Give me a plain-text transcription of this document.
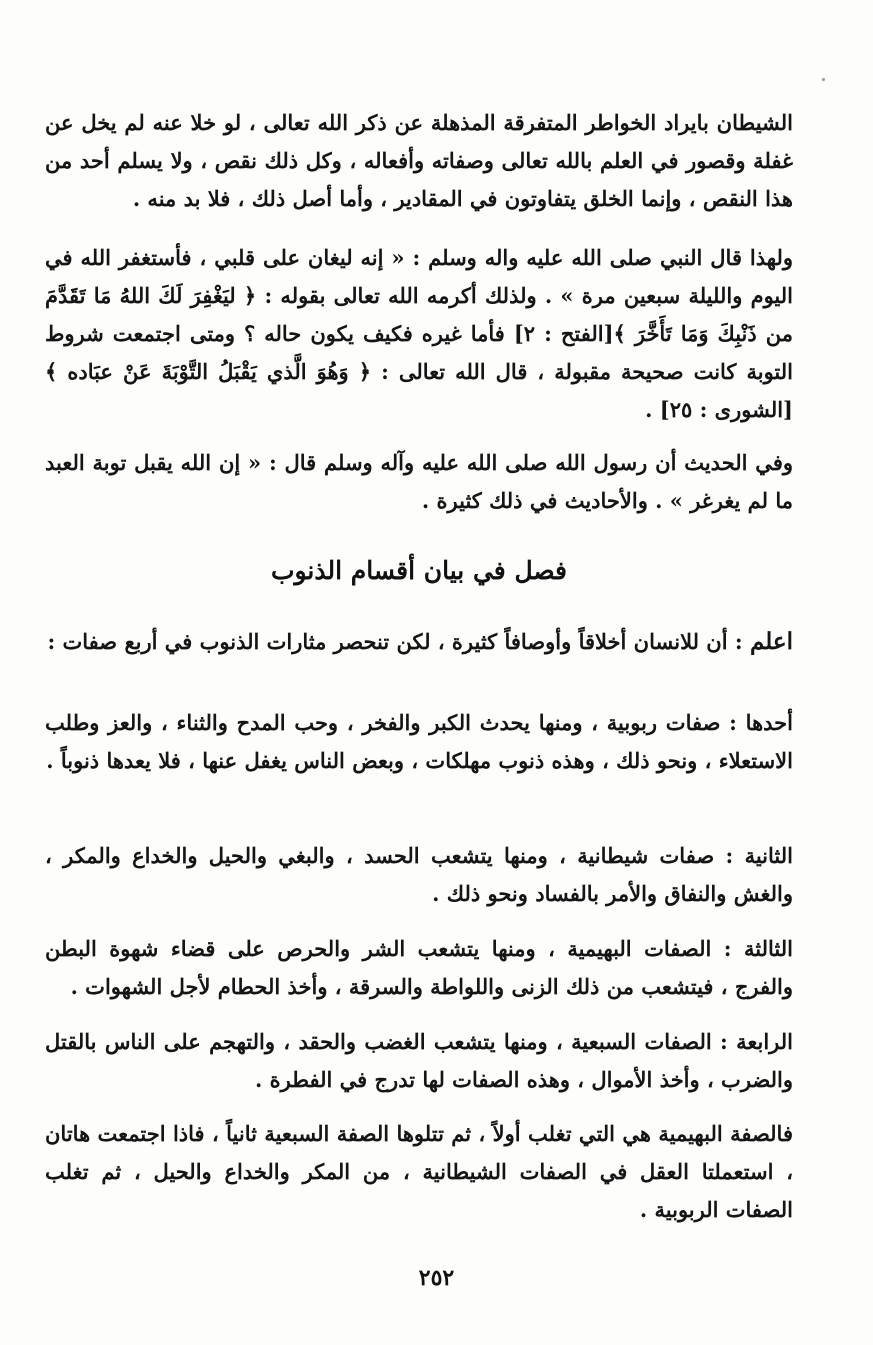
الشيطان بايراد الخواطر المتفرقة المذهلة عن ذكر الله تعالى ، لو خلا عنه لم يخل عن غفلة وقصور في العلم بالله تعالى وصفاته وأفعاله ، وكل ذلك نقص ، ولا يسلم أحد من هذا النقص ، وإنما الخلق يتفاوتون في المقادير ، وأما أصل ذلك ، فلا بد منه .

ولهذا قال النبي صلى الله عليه واله وسلم : « إنه ليغان على قلبي ، فأستغفر الله في اليوم والليلة سبعين مرة » . ولذلك أكرمه الله تعالى بقوله : ﴿ ليَغْفِرَ لَكَ اللهُ مَا تَقَدَّمَ من ذَنْبِكَ وَمَا تَأَخَّرَ ﴾[الفتح : ٢] فأما غيره فكيف يكون حاله ؟ ومتى اجتمعت شروط التوبة كانت صحيحة مقبولة ، قال الله تعالى : ﴿ وَهُوَ الَّذي يَقْبَلُ التَّوْبَةَ عَنْ عبَاده ﴾[الشورى : ٢٥] .

وفي الحديث أن رسول الله صلى الله عليه وآله وسلم قال : « إن الله يقبل توبة العبد ما لم يغرغر » . والأحاديث في ذلك كثيرة .

فصل في بيان أقسام الذنوب

اعلم : أن للانسان أخلاقاً وأوصافاً كثيرة ، لكن تنحصر مثارات الذنوب في أربع صفات :

أحدها : صفات ربوبية ، ومنها يحدث الكبر والفخر ، وحب المدح والثناء ، والعز وطلب الاستعلاء ، ونحو ذلك ، وهذه ذنوب مهلكات ، وبعض الناس يغفل عنها ، فلا يعدها ذنوباً .

الثانية : صفات شيطانية ، ومنها يتشعب الحسد ، والبغي والحيل والخداع والمكر ، والغش والنفاق والأمر بالفساد ونحو ذلك .

الثالثة : الصفات البهيمية ، ومنها يتشعب الشر والحرص على قضاء شهوة البطن والفرج ، فيتشعب من ذلك الزنى واللواطة والسرقة ، وأخذ الحطام لأجل الشهوات .

الرابعة : الصفات السبعية ، ومنها يتشعب الغضب والحقد ، والتهجم على الناس بالقتل والضرب ، وأخذ الأموال ، وهذه الصفات لها تدرج في الفطرة .

فالصفة البهيمية هي التي تغلب أولاً ، ثم تتلوها الصفة السبعية ثانياً ، فاذا اجتمعت هاتان ، استعملتا العقل في الصفات الشيطانية ، من المكر والخداع والحيل ، ثم تغلب الصفات الربوبية .

٢٥٢
